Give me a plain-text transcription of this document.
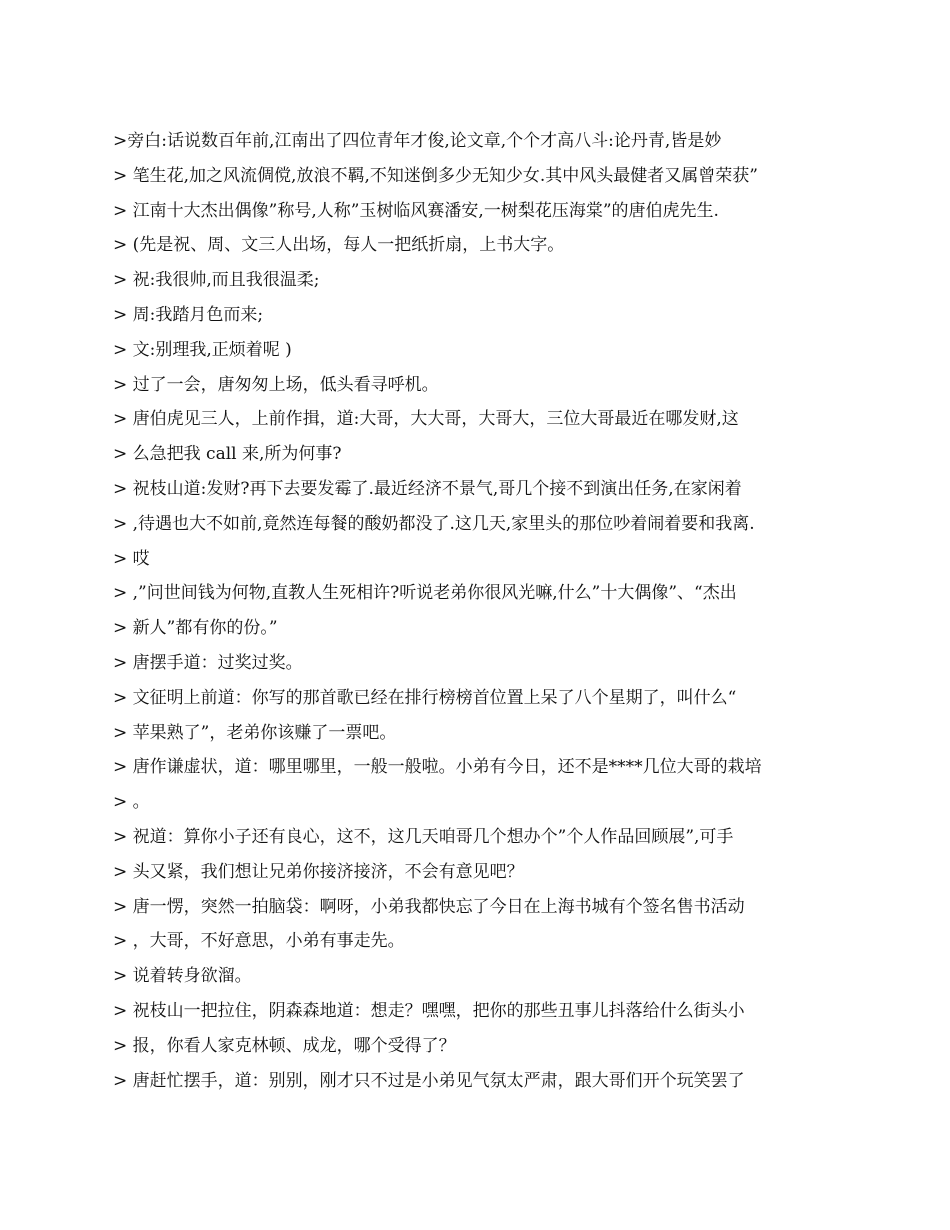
>旁白:话说数百年前,江南出了四位青年才俊,论文章,个个才高八斗:论丹青,皆是妙
> 笔生花,加之风流倜傥,放浪不羁,不知迷倒多少无知少女.其中风头最健者又属曾荣获”
> 江南十大杰出偶像”称号,人称”玉树临风赛潘安,一树梨花压海棠”的唐伯虎先生.
> (先是祝、周、文三人出场，每人一把纸折扇，上书大字。
> 祝:我很帅,而且我很温柔;
> 周:我踏月色而来;
> 文:别理我,正烦着呢 )
> 过了一会，唐匆匆上场，低头看寻呼机。
> 唐伯虎见三人，上前作揖，道:大哥，大大哥，大哥大，三位大哥最近在哪发财,这
> 么急把我 call 来,所为何事?
> 祝枝山道:发财?再下去要发霉了.最近经济不景气,哥几个接不到演出任务,在家闲着
> ,待遇也大不如前,竟然连每餐的酸奶都没了.这几天,家里头的那位吵着闹着要和我离.
> 哎
> ,”问世间钱为何物,直教人生死相许?听说老弟你很风光嘛,什么”十大偶像”、“杰出
> 新人”都有你的份。”
> 唐摆手道：过奖过奖。
> 文征明上前道：你写的那首歌已经在排行榜榜首位置上呆了八个星期了，叫什么“
> 苹果熟了”，老弟你该赚了一票吧。
> 唐作谦虚状，道：哪里哪里，一般一般啦。小弟有今日，还不是****几位大哥的栽培
> 。
> 祝道：算你小子还有良心，这不，这几天咱哥几个想办个”个人作品回顾展”,可手
> 头又紧，我们想让兄弟你接济接济，不会有意见吧？
> 唐一愣，突然一拍脑袋：啊呀，小弟我都快忘了今日在上海书城有个签名售书活动
> ，大哥，不好意思，小弟有事走先。
> 说着转身欲溜。
> 祝枝山一把拉住，阴森森地道：想走？嘿嘿，把你的那些丑事儿抖落给什么街头小
> 报，你看人家克林顿、成龙，哪个受得了？
> 唐赶忙摆手，道：别别，刚才只不过是小弟见气氛太严肃，跟大哥们开个玩笑罢了
